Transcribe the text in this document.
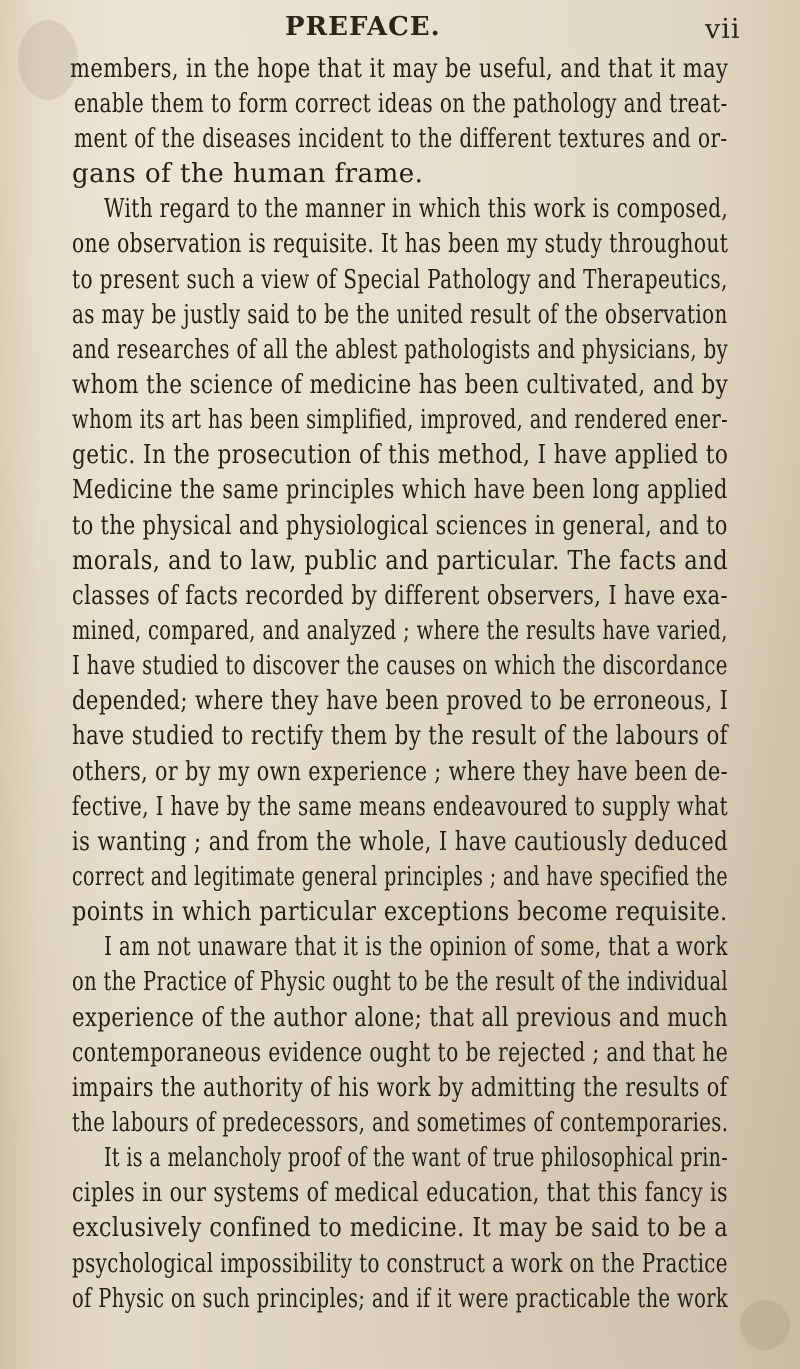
PREFACE.	vii
members, in the hope that it may be useful, and that it may
enable them to form correct ideas on the pathology and treat-
ment of the diseases incident to the different textures and or-
gans of the human frame.
With regard to the manner in which this work is composed,
one observation is requisite. It has been my study throughout
to present such a view of Special Pathology and Therapeutics,
as may be justly said to be the united result of the observation
and researches of all the ablest pathologists and physicians, by
whom the science of medicine has been cultivated, and by
whom its art has been simplified, improved, and rendered ener-
getic. In the prosecution of this method, I have applied to
Medicine the same principles which have been long applied
to the physical and physiological sciences in general, and to
morals, and to law, public and particular. The facts and
classes of facts recorded by different observers, I have exa-
mined, compared, and analyzed ; where the results have varied,
I have studied to discover the causes on which the discordance
depended; where they have been proved to be erroneous, I
have studied to rectify them by the result of the labours of
others, or by my own experience ; where they have been de-
fective, I have by the same means endeavoured to supply what
is wanting ; and from the whole, I have cautiously deduced
correct and legitimate general principles ; and have specified the
points in which particular exceptions become requisite.
I am not unaware that it is the opinion of some, that a work
on the Practice of Physic ought to be the result of the individual
experience of the author alone; that all previous and much
contemporaneous evidence ought to be rejected ; and that he
impairs the authority of his work by admitting the results of
the labours of predecessors, and sometimes of contemporaries.
It is a melancholy proof of the want of true philosophical prin-
ciples in our systems of medical education, that this fancy is
exclusively confined to medicine. It may be said to be a
psychological impossibility to construct a work on the Practice
of Physic on such principles; and if it were practicable the work
